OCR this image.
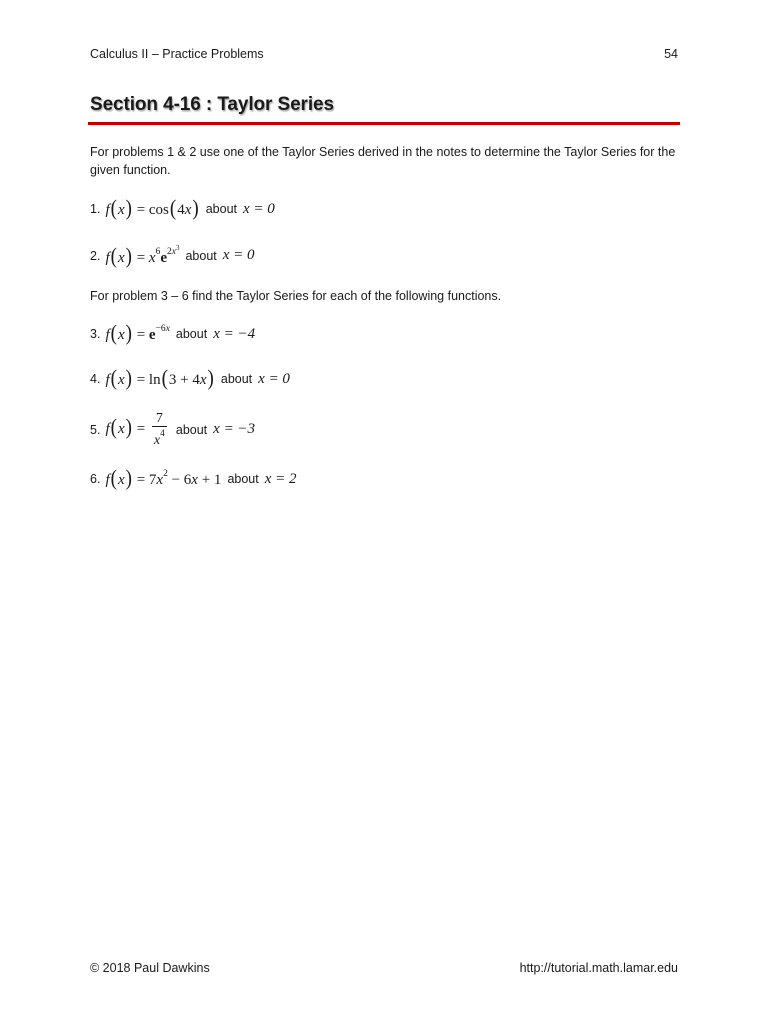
Calculus II – Practice Problems	54
Section 4-16 : Taylor Series
For problems 1 & 2 use one of the Taylor Series derived in the notes to determine the Taylor Series for the given function.
1. f(x) = cos(4x) about x = 0
2. $f(x) = x^6e^{2x^3}$
about x = 0
For problem 3 – 6 find the Taylor Series for each of the following functions.
3. $f(x) = e^{-6x}$ about x = −4
4. f(x) = ln(3 + 4x) about x = 0
5. $f(x) = \frac{7}{x^4}$ about x = −3
6. $f(x) = 7x^2 - 6x + 1$ about x = 2
© 2018 Paul Dawkins	http://tutorial.math.lamar.edu
